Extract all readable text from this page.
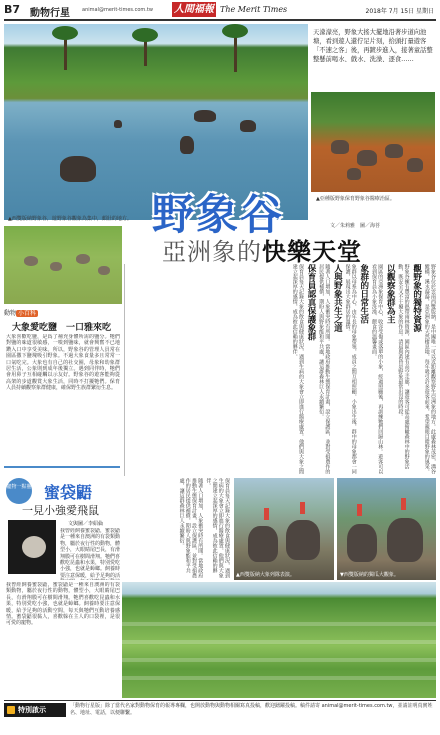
B7 動物行星 animal@merit-times.com.tw 人間福報 The Merit Times	2018年 7月 15日 星期日
▲西雙版納野象谷，遊野象谷觀象為集中，頗壯的地方。
天濛濛亮，野象大搖大擺地沿著步道向池塘，看到遊人還佇足片刻，拾頭打量遊客「不速之客」後，再踱步進入，接著童話整整懸前喝水、戲水、洗澡、逐食……
▲亞種版野象保育野象谷醫療治區。
文／朱莉雅　圖／海菩
野象谷
亞洲象的快樂天堂
動物 小百科
大象愛吃鹽　一口雅來吃
大象喜歡吃鹽，是爲了補充身體所需的鹽分。牠們對鹽的味道很敏感，一嗅到鹽味，就會興奮不已地鑽入口中享受美味。所以，野象谷的管理人員常在園區撒下鹽塊吸引野象。不過大象食量多且常常一口氣吃完。大象也有自己的社交圈，母象和幼象群居生活，公象則到成年後獨立。遇到同伴時，牠們會用鼻子互相碰觸以示友好。野象谷的遊客能夠從高架的步道觀賞大象生活，同時不打擾牠們。保育人員持續觀察象群健康，確保野生族群繁衍生息。
寵物一點靈 蜜袋鼯
一見小強愛飛鼠
文與圖／李紹倫
我曾經飼養蜜袋鼯，蜜袋鼯是一種來自澳洲的有袋類動物，屬於夜行性的動物，體型小，大眼睛尾巴長，有滑翔膜可在樹間滑翔。牠們喜歡吃昆蟲和水果，特別愛吃小強，也就是蟑螂。飼養時要注意保暖，給予足夠的活
我曾經飼養蜜袋鼯，蜜袋鼯是一種來自澳洲的有袋類動物，屬於夜行性的動物，體型小，大眼睛尾巴長，有滑翔膜可在樹間滑翔。牠們喜歡吃昆蟲和水果，特別愛吃小強，也就是蟑螂。飼養時要注意保暖，給予足夠的活動空間，每天與牠們互動培養感情。蜜袋鼯很黏人，喜歡躲在主人的口袋裡，是很可愛的寵物。
野象谷位於雲南西雙版納，是中國唯一可以近距離觀察野生亞洲象的地方。此處森林茂密，溝谷縱橫，溪水潺潺，是亞洲象的天然棲息地。每年吸引許多遊客前來，希望親眼目睹野象的風采。
觀野象的獨特資源
野象谷擁有豐富的熱帶雨林資源，園區內建有高空走廊，讓遊客可從高處俯瞰森林中的野象活動，既安全又不干擾大象的作息。清晨與黃昏是野象最常出沒的時段。
以觀察象群為主
園區的亞洲象保育中心，收容受傷或落單的小象，經過照顧後，再訓練牠們回歸山林。遊客可以看到保育員為小象洗澡、餵食的溫馨畫面。
象群的日常生活
象群以母系為中心，由年長的母象帶領，成員之間互相照顧。小象出生後，群中的母象都會一同保護，展現出大象群居的溫情。
人與野象共生之道
隨著人口增加，人象衝突時有所聞。當地政府推動生態保育計畫，設立保護區，並對受損農作的居民提供補償，期盼人與野象能和平共處，讓這群森林巨人永續繁衍。
保育員認真保護象群
保育員每天記錄大象的飲食與健康狀況，遇到生病的大象會立即進行醫療處置。他們與大象之間建立起深厚的感情，成為彼此信賴的夥伴。
▲西雙版納大象列隊表演。	▼西雙版納的獨瓜大觀象。
保育員每天記錄大象的飲食與健康狀況，遇到生病的大象會立即進行醫療處置。他們與大象之間建立起深厚的感情，成為彼此信賴的夥伴。
隨著人口增加，人象衝突時有所聞。當地政府推動生態保育計畫，設立保護區，並對受損農作的居民提供補償，期盼人與野象能和平共處，讓這群森林巨人永續繁衍。
特別啟示	「動物行星版」除了當代名家對動物保育的報導專欄，也開放動物與動物相關寫真投稿，歡迎踴躍投稿。稿件請寄 animal@merit-times.com.tw，並請註明真實姓名、地址、電話，以便聯繫。
